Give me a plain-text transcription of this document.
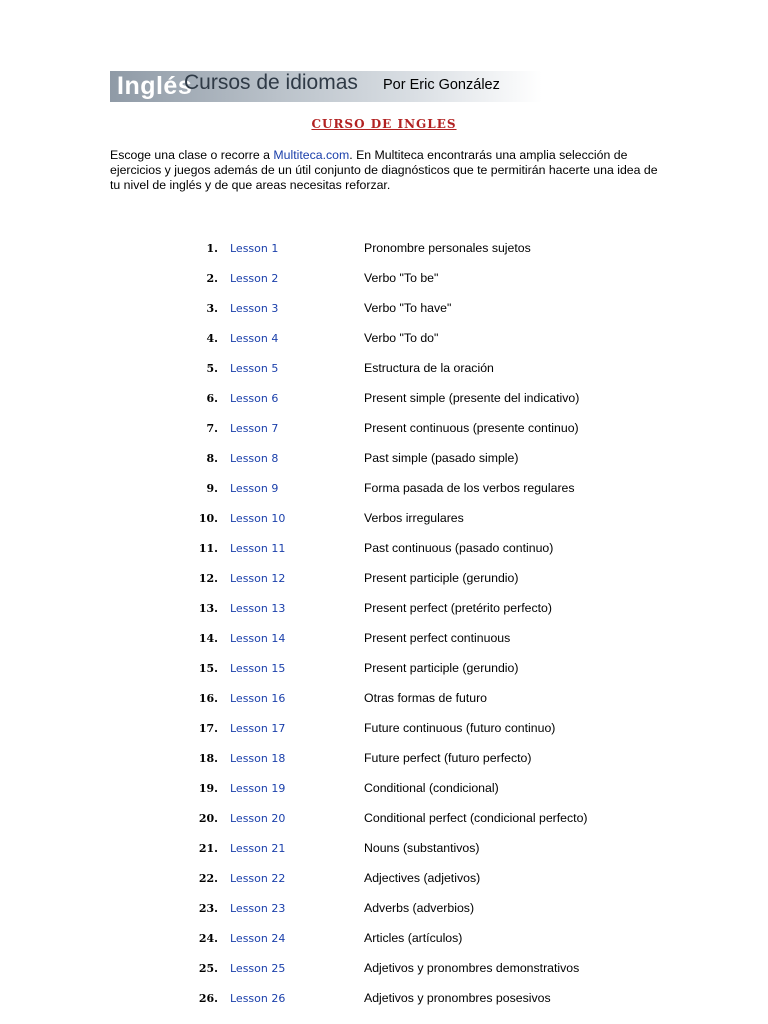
Inglés
Cursos de idiomas Por Eric González
CURSO DE INGLES

Escoge una clase o recorre a Multiteca.com. En Multiteca encontrarás una amplia selección de ejercicios y juegos además de un útil conjunto de diagnósticos que te permitirán hacerte una idea de tu nivel de inglés y de que areas necesitas reforzar.

1. Lesson 1	Pronombre personales sujetos
2. Lesson 2	Verbo "To be"
3. Lesson 3	Verbo "To have"
4. Lesson 4	Verbo "To do"
5. Lesson 5	Estructura de la oración
6. Lesson 6	Present simple (presente del indicativo)
7. Lesson 7	Present continuous (presente continuo)
8. Lesson 8	Past simple (pasado simple)
9. Lesson 9	Forma pasada de los verbos regulares
10. Lesson 10	Verbos irregulares
11. Lesson 11	Past continuous (pasado continuo)
12. Lesson 12	Present participle (gerundio)
13. Lesson 13	Present perfect (pretérito perfecto)
14. Lesson 14	Present perfect continuous
15. Lesson 15	Present participle (gerundio)
16. Lesson 16	Otras formas de futuro
17. Lesson 17	Future continuous (futuro continuo)
18. Lesson 18	Future perfect (futuro perfecto)
19. Lesson 19	Conditional (condicional)
20. Lesson 20	Conditional perfect (condicional perfecto)
21. Lesson 21	Nouns (substantivos)
22. Lesson 22	Adjectives (adjetivos)
23. Lesson 23	Adverbs (adverbios)
24. Lesson 24	Articles (artículos)
25. Lesson 25	Adjetivos y pronombres demonstrativos
26. Lesson 26	Adjetivos y pronombres posesivos
